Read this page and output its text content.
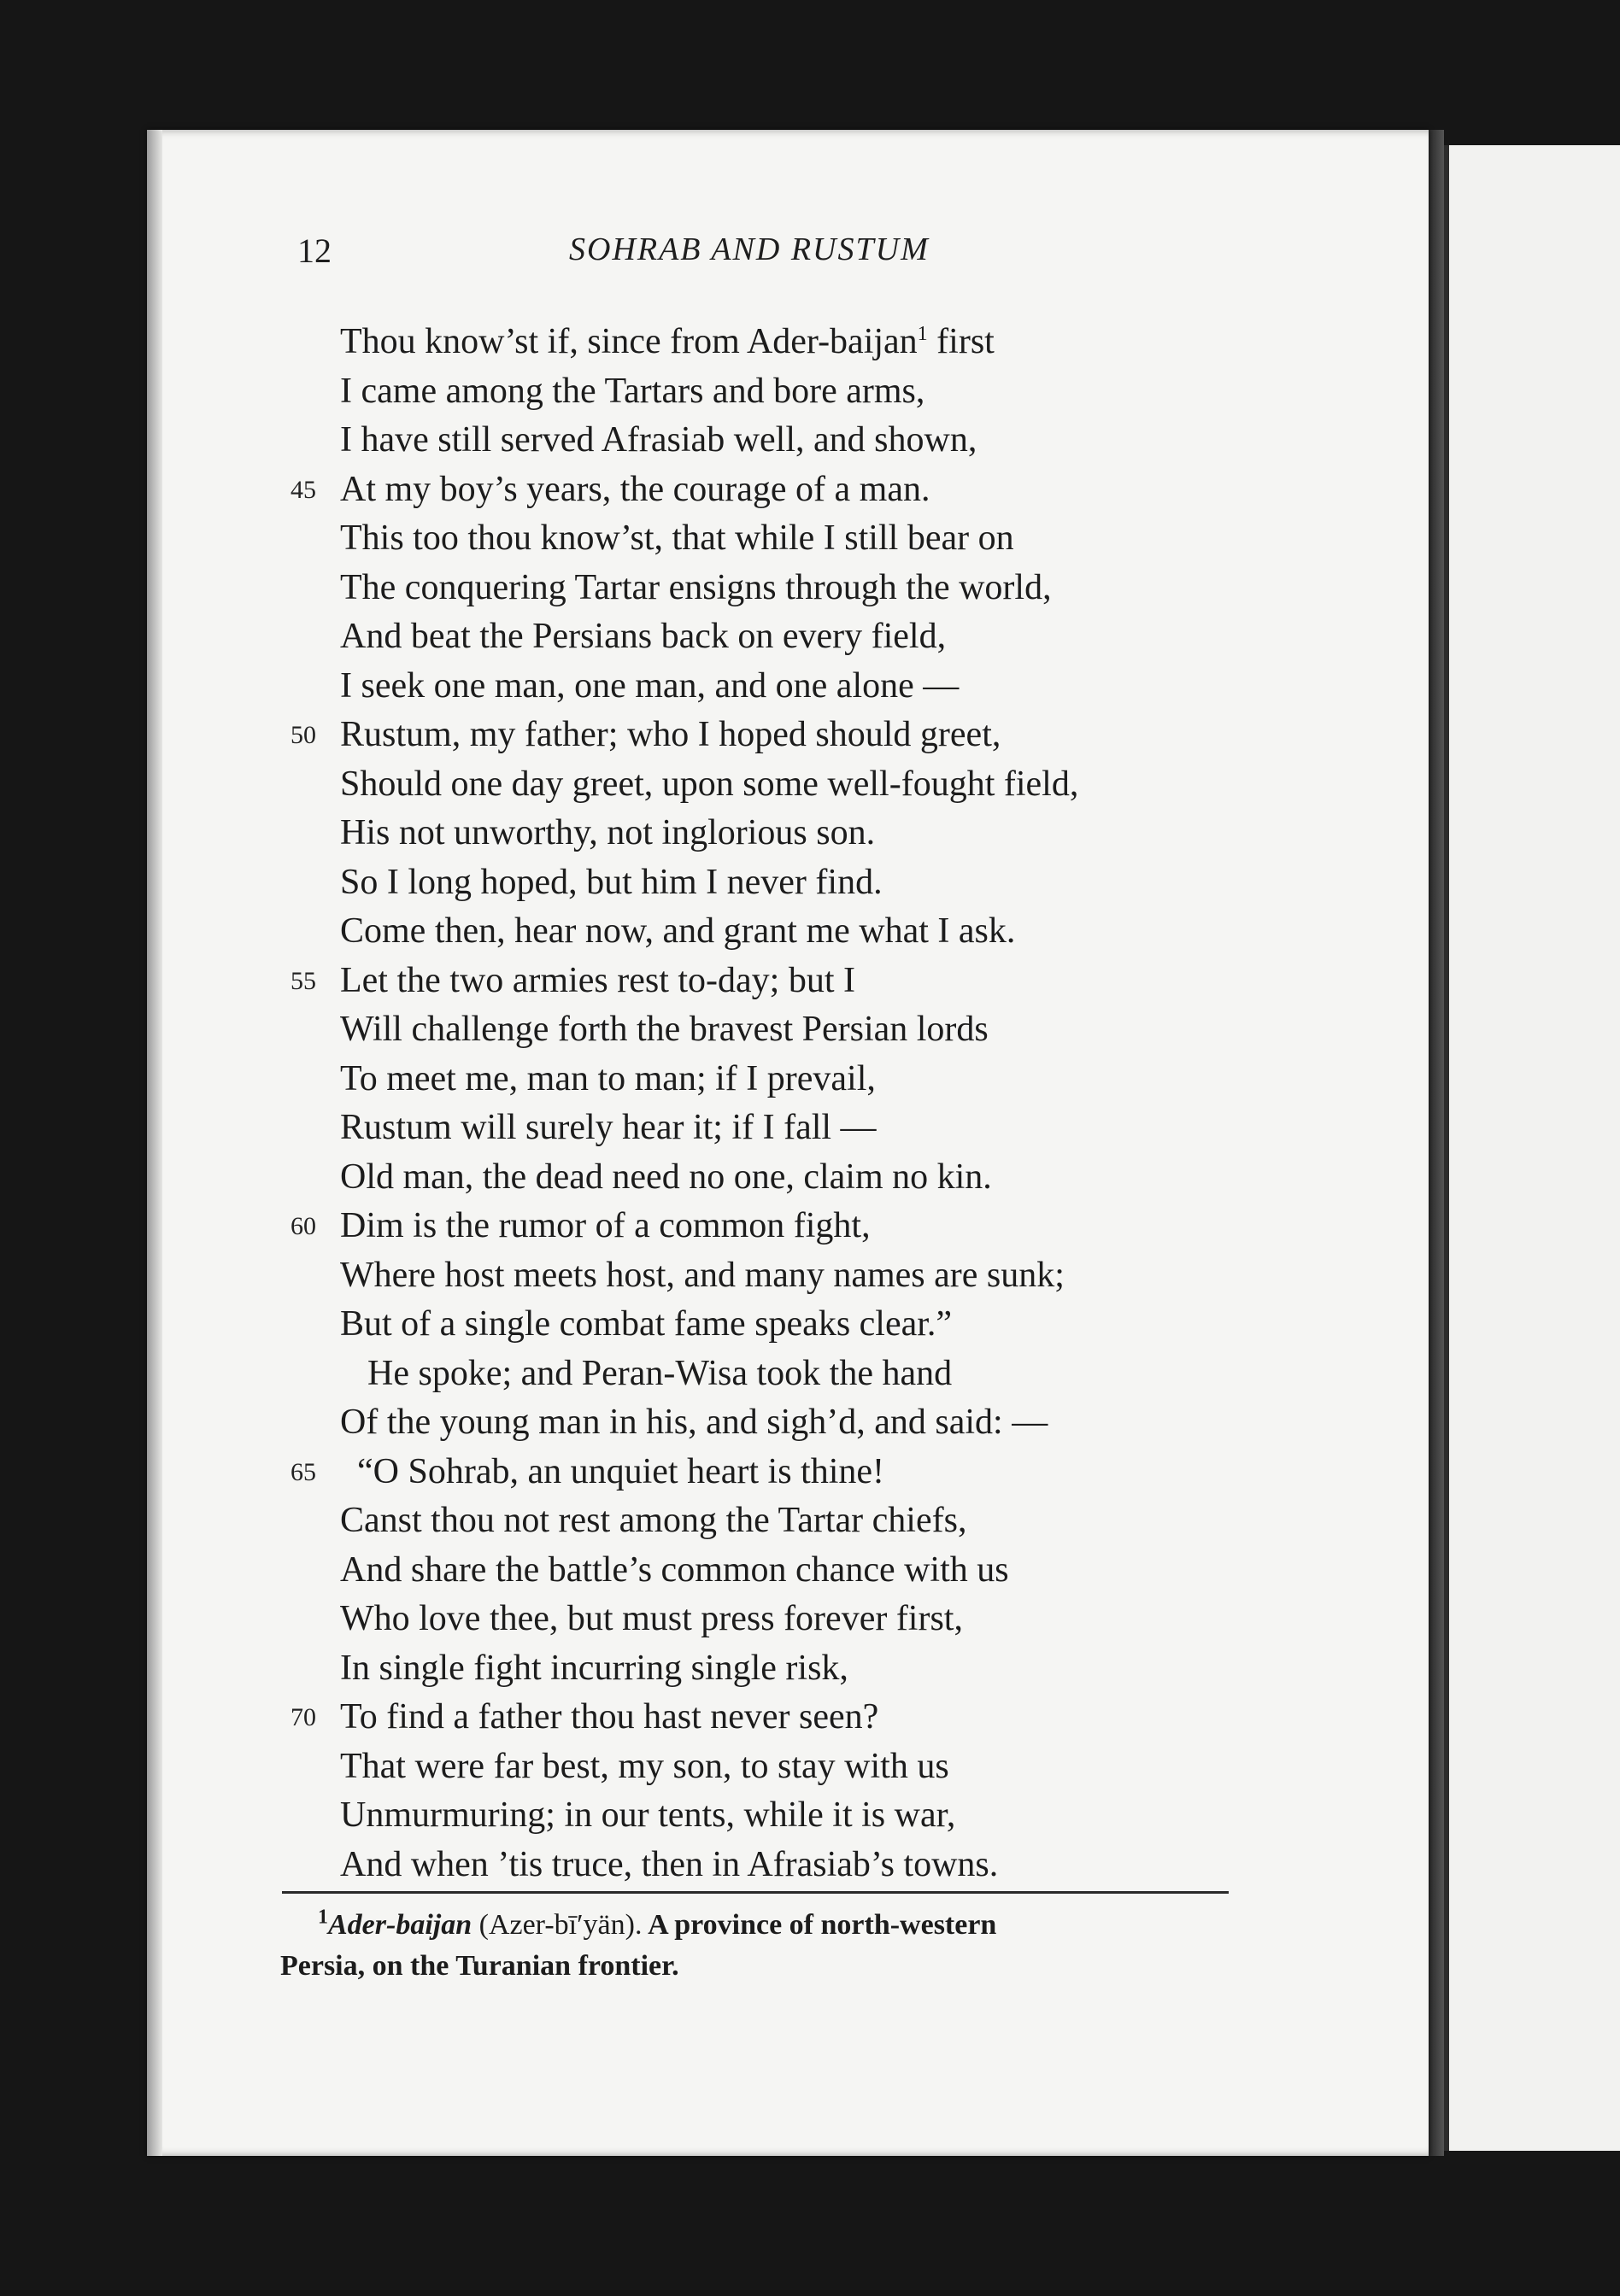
12	SOHRAB AND RUSTUM
Thou know’st if, since from Ader-baijan$^1$ first
I came among the Tartars and bore arms,
I have still served Afrasiab well, and shown,
45 At my boy’s years, the courage of a man.
This too thou know’st, that while I still bear on
The conquering Tartar ensigns through the world,
And beat the Persians back on every field,
I seek one man, one man, and one alone —
50 Rustum, my father; who I hoped should greet,
Should one day greet, upon some well-fought field,
His not unworthy, not inglorious son.
So I long hoped, but him I never find.
Come then, hear now, and grant me what I ask.
55 Let the two armies rest to-day; but I
Will challenge forth the bravest Persian lords
To meet me, man to man; if I prevail,
Rustum will surely hear it; if I fall —
Old man, the dead need no one, claim no kin.
60 Dim is the rumor of a common fight,
Where host meets host, and many names are sunk;
But of a single combat fame speaks clear.”
He spoke; and Peran-Wisa took the hand
Of the young man in his, and sigh’d, and said: —
65 “O Sohrab, an unquiet heart is thine!
Canst thou not rest among the Tartar chiefs,
And share the battle’s common chance with us
Who love thee, but must press forever first,
In single fight incurring single risk,
70 To find a father thou hast never seen?
That were far best, my son, to stay with us
Unmurmuring; in our tents, while it is war,
And when ’tis truce, then in Afrasiab’s towns.
$^1$Ader-baijan (Azer-bī′yän). A province of north-western
Persia, on the Turanian frontier.
